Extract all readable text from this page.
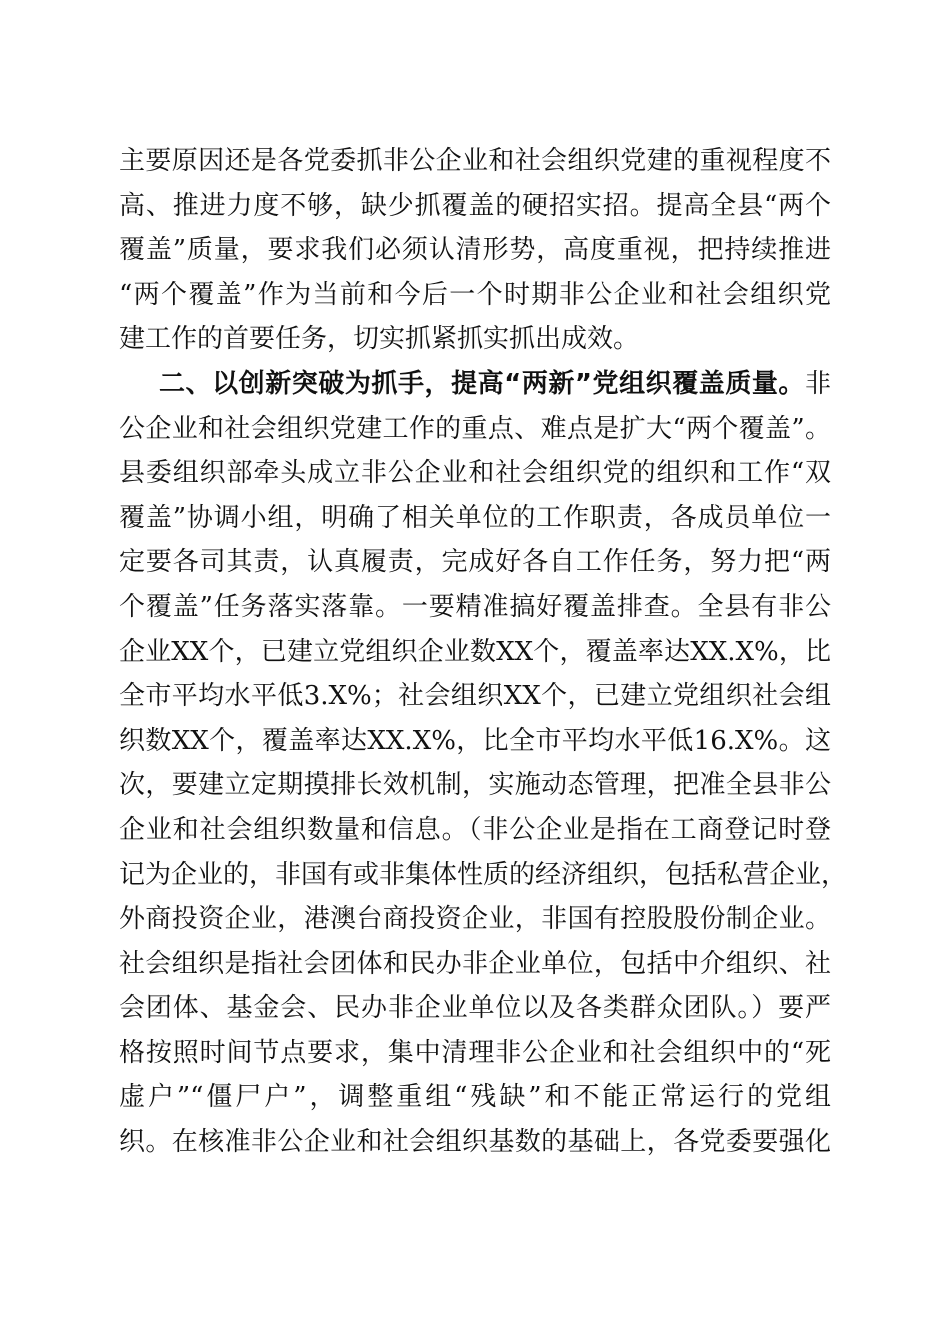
主要原因还是各党委抓非公企业和社会组织党建的重视程度不
高、推进力度不够，缺少抓覆盖的硬招实招。提高全县“两个
覆盖”质量，要求我们必须认清形势，高度重视，把持续推进
“两个覆盖”作为当前和今后一个时期非公企业和社会组织党
建工作的首要任务，切实抓紧抓实抓出成效。
二、以创新突破为抓手，提高“两新”党组织覆盖质量。非
公企业和社会组织党建工作的重点、难点是扩大“两个覆盖”。
县委组织部牵头成立非公企业和社会组织党的组织和工作“双
覆盖”协调小组，明确了相关单位的工作职责，各成员单位一
定要各司其责，认真履责，完成好各自工作任务，努力把“两
个覆盖”任务落实落靠。一要精准搞好覆盖排查。全县有非公
企业XX个，已建立党组织企业数XX个，覆盖率达XX.X%，比
全市平均水平低3.X%；社会组织XX个，已建立党组织社会组
织数XX个，覆盖率达XX.X%，比全市平均水平低16.X%。这
次，要建立定期摸排长效机制，实施动态管理，把准全县非公
企业和社会组织数量和信息。（非公企业是指在工商登记时登
记为企业的，非国有或非集体性质的经济组织，包括私营企业，
外商投资企业，港澳台商投资企业，非国有控股股份制企业。
社会组织是指社会团体和民办非企业单位，包括中介组织、社
会团体、基金会、民办非企业单位以及各类群众团队。）要严
格按照时间节点要求，集中清理非公企业和社会组织中的“死
虚户”“僵尸户”，调整重组“残缺”和不能正常运行的党组
织。在核准非公企业和社会组织基数的基础上，各党委要强化
